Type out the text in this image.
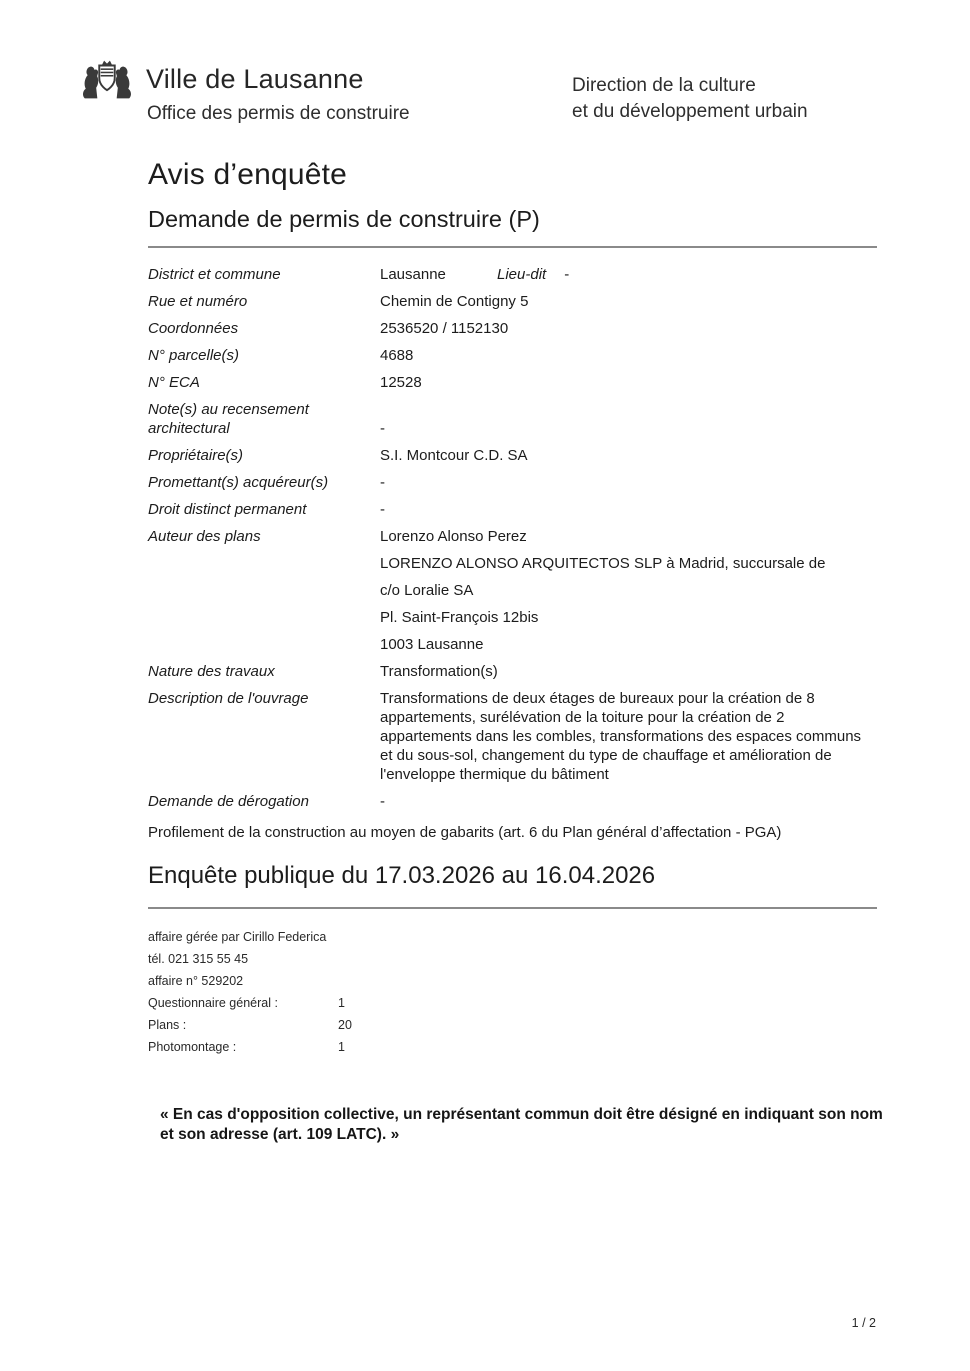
Ville de Lausanne
Office des permis de construire
Direction de la culture
et du développement urbain
Avis d’enquête
Demande de permis de construire (P)
District et commune	Lausanne	Lieu-dit -
Rue et numéro	Chemin de Contigny 5
Coordonnées	2536520 / 1152130
N° parcelle(s)	4688
N° ECA	12528
Note(s) au recensement architectural	-
Propriétaire(s)	S.I. Montcour C.D. SA
Promettant(s) acquéreur(s)	-
Droit distinct permanent	-
Auteur des plans	Lorenzo Alonso Perez
LORENZO ALONSO ARQUITECTOS SLP à Madrid, succursale de
c/o Loralie SA
Pl. Saint-François 12bis
1003 Lausanne
Nature des travaux	Transformation(s)
Description de l'ouvrage	Transformations de deux étages de bureaux pour la création de 8 appartements, surélévation de la toiture pour la création de 2 appartements dans les combles, transformations des espaces communs et du sous-sol, changement du type de chauffage et amélioration de l'enveloppe thermique du bâtiment
Demande de dérogation	-

Profilement de la construction au moyen de gabarits (art. 6 du Plan général d’affectation - PGA)

Enquête publique du 17.03.2026 au 16.04.2026
affaire gérée par Cirillo Federica
tél. 021 315 55 45
affaire n° 529202
Questionnaire général :	1
Plans :	20
Photomontage :	1

« En cas d'opposition collective, un représentant commun doit être désigné en indiquant son nom et son adresse (art. 109 LATC). »

1 / 2
